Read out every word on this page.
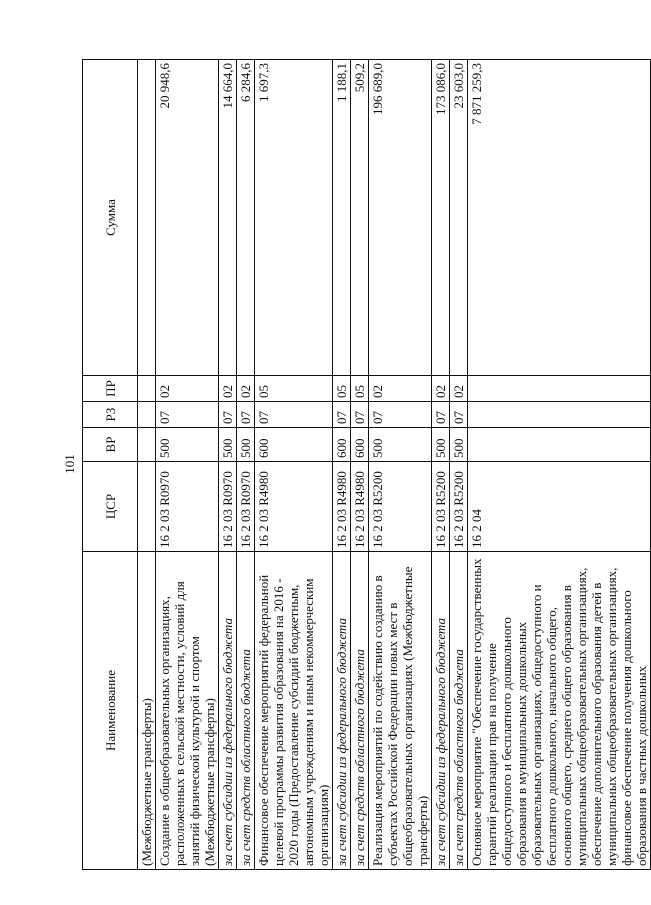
101
Наименование	ЦСР	ВР	РЗ	ПР	Сумма
(Межбюджетные трансферты)					
Создание в общеобразовательных организациях, расположенных в сельской местности, условий для занятий физической культурой и спортом (Межбюджетные трансферты)	16 2 03 R0970	500	07	02	20 948,6
за счет субсидии из федерального бюджета	16 2 03 R0970	500	07	02	14 664,0
за счет средств областного бюджета	16 2 03 R0970	500	07	02	6 284,6
Финансовое обеспечение мероприятий федеральной целевой программы развития образования на 2016 - 2020 годы (Предоставление субсидий бюджетным, автономным учреждениям и иным некоммерческим организациям)	16 2 03 R4980	600	07	05	1 697,3
за счет субсидии из федерального бюджета	16 2 03 R4980	600	07	05	1 188,1
за счет средств областного бюджета	16 2 03 R4980	600	07	05	509,2
Реализация мероприятий по содействию созданию в субъектах Российской Федерации новых мест в общеобразовательных организациях (Межбюджетные трансферты)	16 2 03 R5200	500	07	02	196 689,0
за счет субсидии из федерального бюджета	16 2 03 R5200	500	07	02	173 086,0
за счет средств областного бюджета	16 2 03 R5200	500	07	02	23 603,0
Основное мероприятие "Обеспечение государственных гарантий реализации прав на получение общедоступного и бесплатного дошкольного образования в муниципальных дошкольных образовательных организациях, общедоступного и бесплатного дошкольного, начального общего, основного общего, среднего общего образования в муниципальных общеобразовательных организациях, обеспечение дополнительного образования детей в муниципальных общеобразовательных организациях, финансовое обеспечение получения дошкольного образования в частных дошкольных	16 2 04				7 871 259,3
